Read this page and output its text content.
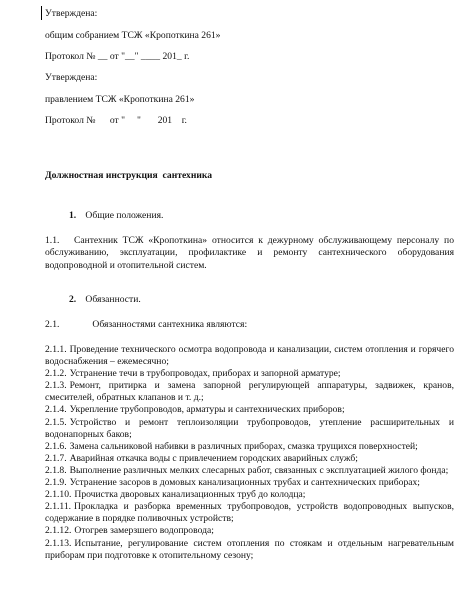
Утверждена:
общим собранием ТСЖ «Кропоткина 261»
Протокол № __ от "__" ____ 201_ г.
Утверждена:
правлением ТСЖ «Кропоткина 261»
Протокол №      от "     "       201    г.
Должностная инструкция  сантехника
1. Общие положения.
1.1.   Сантехник ТСЖ «Кропоткина» относится к дежурному обслуживающему персоналу по обслуживанию, эксплуатации, профилактике и ремонту сантехнического оборудования водопроводной и отопительной систем.
2. Обязанности.
2.1.	Обязанностями сантехника являются:

2.1.1. Проведение технического осмотра водопровода и канализации, систем отопления и горячего водоснабжения – ежемесячно;

2.1.2. Устранение течи в трубопроводах, приборах и запорной арматуре;

2.1.3. Ремонт, притирка и замена запорной регулирующей аппаратуры, задвижек, кранов, смесителей, обратных клапанов и т. д.;

2.1.4. Укрепление трубопроводов, арматуры и сантехнических приборов;

2.1.5. Устройство и ремонт теплоизоляции трубопроводов, утепление расширительных и водонапорных баков;

2.1.6. Замена сальниковой набивки в различных приборах, смазка трущихся поверхностей;

2.1.7. Аварийная откачка воды с привлечением городских аварийных служб;

2.1.8. Выполнение различных мелких слесарных работ, связанных с эксплуатацией жилого фонда;

2.1.9. Устранение засоров в домовых канализационных трубах и сантехнических приборах;

2.1.10. Прочистка дворовых канализационных труб до колодца;

2.1.11. Прокладка и разборка временных трубопроводов, устройств водопроводных выпусков, содержание в порядке поливочных устройств;

2.1.12. Отогрев замерзшего водопровода;

2.1.13. Испытание, регулирование систем отопления по стоякам и отдельным нагревательным приборам при подготовке к отопительному сезону;
